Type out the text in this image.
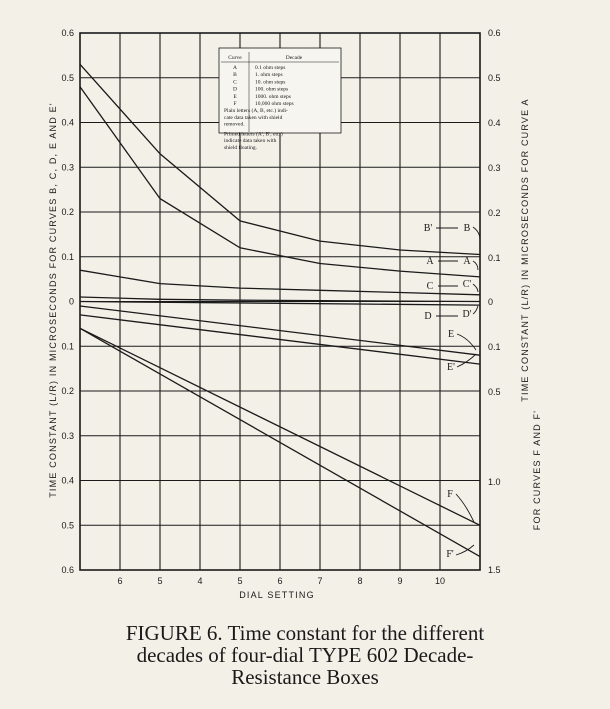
0.6
0.5
0.4
0.3
0.2
0.1
0
0.1
0.2
0.3
0.4
0.5
0.6
0.6
0.5
0.4
0.3
0.2
0.1
0
0.1
0.5
1.0
1.5
6	5	4	5	6	7	8	9	10
B'	B
A	A
C	C'
D	D'
E
E'
F
F'
DIAL SETTING
TIME CONSTANT (L/R) IN MICROSECONDS FOR CURVES B, C, D, E AND E'	TIME CONSTANT (L/R) IN MICROSECONDS FOR CURVE A
FOR CURVES F AND F'
Curve	Decade
A	0.1 ohm steps
B	1. ohm steps
C	10. ohm steps
D	100. ohm steps
E	1000. ohm steps
F	10,000 ohm steps
Plain letters (A, B, etc.) indi-
cate data taken with shield
removed.
Primed letters (A', B', etc.)
indicate data taken with
shield floating.
FIGURE 6. Time constant for the different
decades of four-dial TYPE 602 Decade-
Resistance Boxes
